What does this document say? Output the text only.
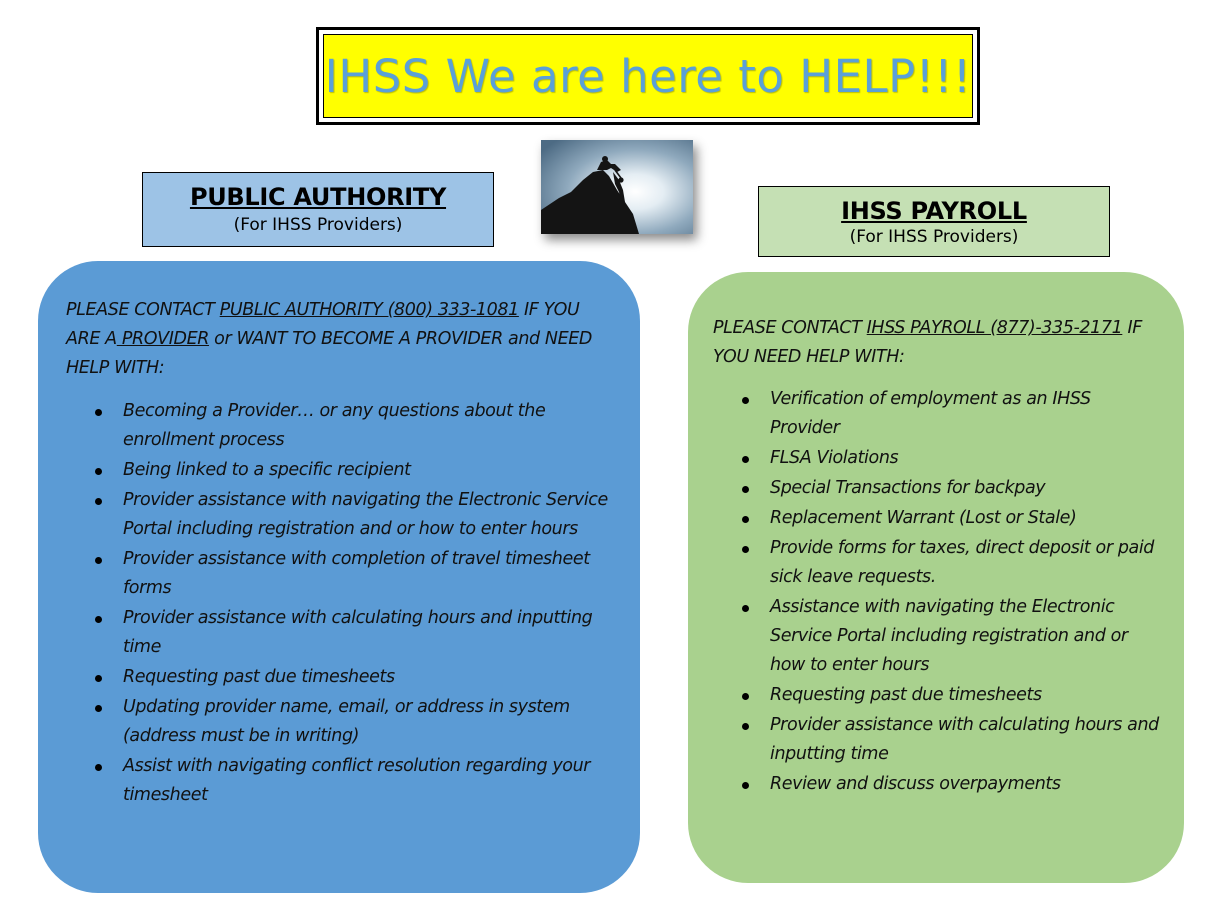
IHSS We are here to HELP!!!
PUBLIC AUTHORITY
(For IHSS Providers)	IHSS PAYROLL
(For IHSS Providers)

PLEASE CONTACT PUBLIC AUTHORITY (800) 333-1081 IF YOU ARE A PROVIDER or WANT TO BECOME A PROVIDER and NEED HELP WITH:

Becoming a Provider… or any questions about the enrollment process
Being linked to a specific recipient
Provider assistance with navigating the Electronic Service Portal including registration and or how to enter hours
Provider assistance with completion of travel timesheet forms
Provider assistance with calculating hours and inputting time
Requesting past due timesheets
Updating provider name, email, or address in system (address must be in writing)
Assist with navigating conflict resolution regarding your timesheet

PLEASE CONTACT IHSS PAYROLL (877)-335-2171 IF YOU NEED HELP WITH:

Verification of employment as an IHSS Provider
FLSA Violations
Special Transactions for backpay
Replacement Warrant (Lost or Stale)
Provide forms for taxes, direct deposit or paid sick leave requests.
Assistance with navigating the Electronic Service Portal including registration and or how to enter hours
Requesting past due timesheets
Provider assistance with calculating hours and inputting time
Review and discuss overpayments
